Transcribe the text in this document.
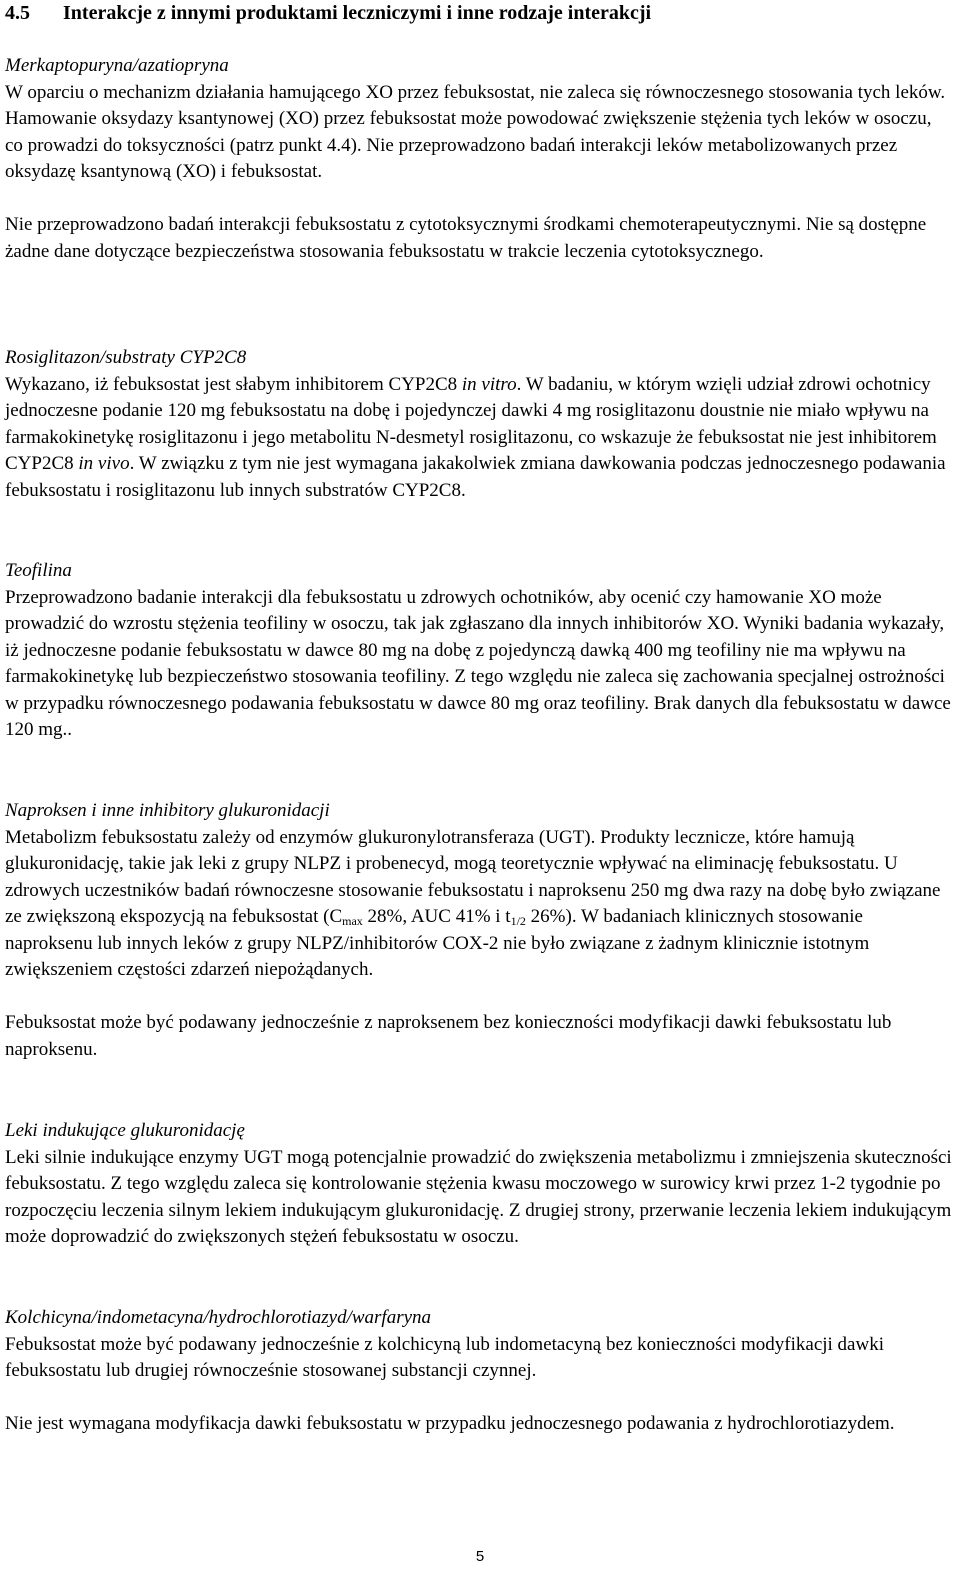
4.5 Interakcje z innymi produktami leczniczymi i inne rodzaje interakcji

Merkaptopuryna/azatiopryna

W oparciu o mechanizm działania hamującego XO przez febuksostat, nie zaleca się równoczesnego stosowania tych leków. Hamowanie oksydazy ksantynowej (XO) przez febuksostat może powodować zwiększenie stężenia tych leków w osoczu, co prowadzi do toksyczności (patrz punkt 4.4). Nie przeprowadzono badań interakcji leków metabolizowanych przez oksydazę ksantynową (XO) i febuksostat.

Nie przeprowadzono badań interakcji febuksostatu z cytotoksycznymi środkami chemoterapeutycznymi. Nie są dostępne żadne dane dotyczące bezpieczeństwa stosowania febuksostatu w trakcie leczenia cytotoksycznego.

Rosiglitazon/substraty CYP2C8

Wykazano, iż febuksostat jest słabym inhibitorem CYP2C8 in vitro. W badaniu, w którym wzięli udział zdrowi ochotnicy jednoczesne podanie 120 mg febuksostatu na dobę i pojedynczej dawki 4 mg rosiglitazonu doustnie nie miało wpływu na farmakokinetykę rosiglitazonu i jego metabolitu N-desmetyl rosiglitazonu, co wskazuje że febuksostat nie jest inhibitorem CYP2C8 in vivo. W związku z tym nie jest wymagana jakakolwiek zmiana dawkowania podczas jednoczesnego podawania febuksostatu i rosiglitazonu lub innych substratów CYP2C8.

Teofilina

Przeprowadzono badanie interakcji dla febuksostatu u zdrowych ochotników, aby ocenić czy hamowanie XO może prowadzić do wzrostu stężenia teofiliny w osoczu, tak jak zgłaszano dla innych inhibitorów XO. Wyniki badania wykazały, iż jednoczesne podanie febuksostatu w dawce 80 mg na dobę z pojedynczą dawką 400 mg teofiliny nie ma wpływu na farmakokinetykę lub bezpieczeństwo stosowania teofiliny. Z tego względu nie zaleca się zachowania specjalnej ostrożności w przypadku równoczesnego podawania febuksostatu w dawce 80 mg oraz teofiliny. Brak danych dla febuksostatu w dawce 120 mg..

Naproksen i inne inhibitory glukuronidacji

Metabolizm febuksostatu zależy od enzymów glukuronylotransferaza (UGT). Produkty lecznicze, które hamują glukuronidację, takie jak leki z grupy NLPZ i probenecyd, mogą teoretycznie wpływać na eliminację febuksostatu. U zdrowych uczestników badań równoczesne stosowanie febuksostatu i naproksenu 250 mg dwa razy na dobę było związane ze zwiększoną ekspozycją na febuksostat ($C_{max}$ 28%, AUC 41% i $t_{1/2}$ 26%). W badaniach klinicznych stosowanie naproksenu lub innych leków z grupy NLPZ/inhibitorów COX-2 nie było związane z żadnym klinicznie istotnym zwiększeniem częstości zdarzeń niepożądanych.

Febuksostat może być podawany jednocześnie z naproksenem bez konieczności modyfikacji dawki febuksostatu lub naproksenu.

Leki indukujące glukuronidację

Leki silnie indukujące enzymy UGT mogą potencjalnie prowadzić do zwiększenia metabolizmu i zmniejszenia skuteczności febuksostatu. Z tego względu zaleca się kontrolowanie stężenia kwasu moczowego w surowicy krwi przez 1-2 tygodnie po rozpoczęciu leczenia silnym lekiem indukującym glukuronidację. Z drugiej strony, przerwanie leczenia lekiem indukującym może doprowadzić do zwiększonych stężeń febuksostatu w osoczu.

Kolchicyna/indometacyna/hydrochlorotiazyd/warfaryna

Febuksostat może być podawany jednocześnie z kolchicyną lub indometacyną bez konieczności modyfikacji dawki febuksostatu lub drugiej równocześnie stosowanej substancji czynnej.

Nie jest wymagana modyfikacja dawki febuksostatu w przypadku jednoczesnego podawania z hydrochlorotiazydem.

5
